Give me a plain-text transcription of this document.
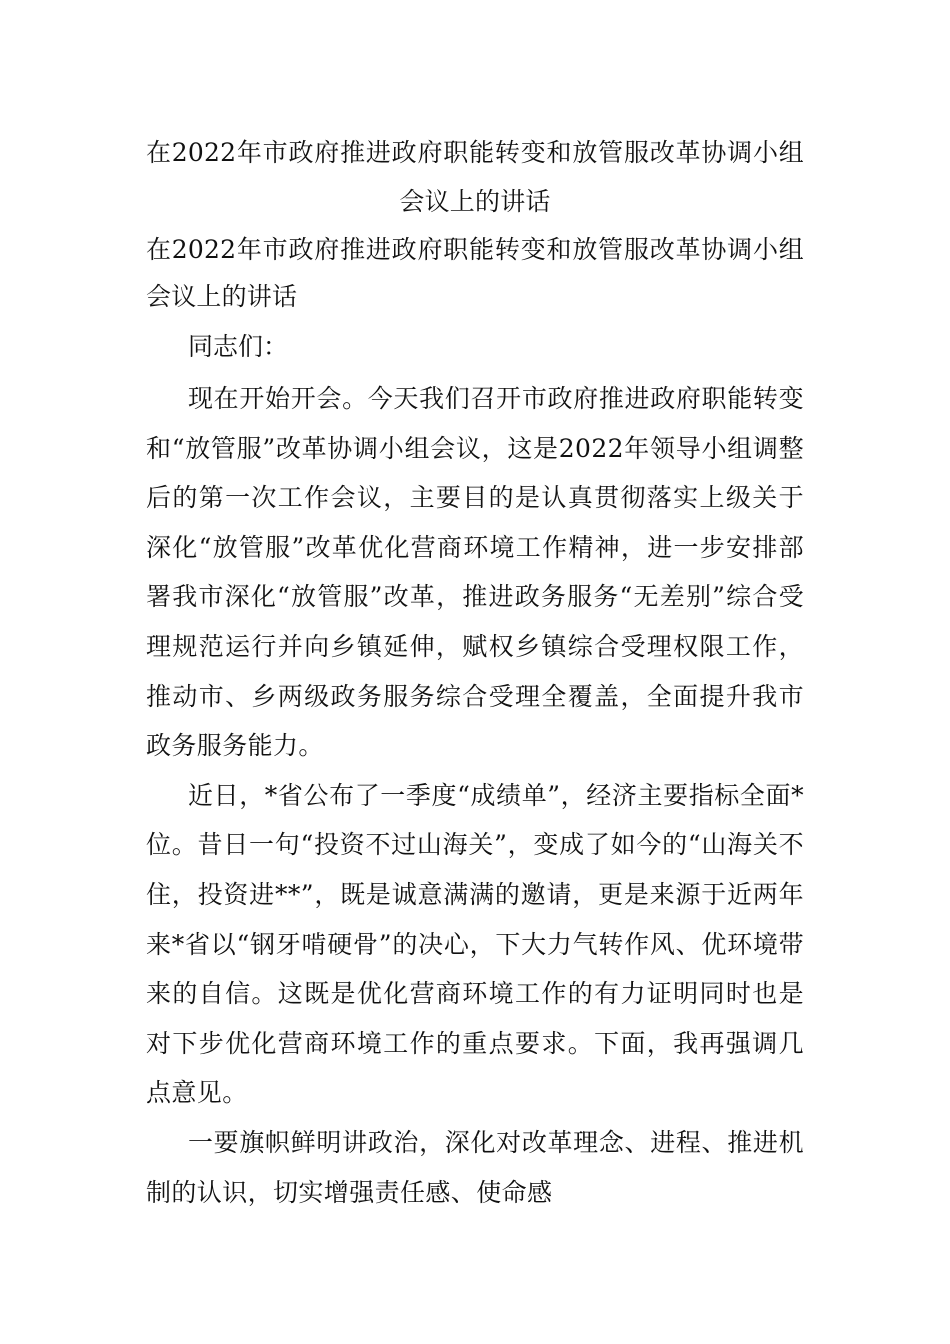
在2022年市政府推进政府职能转变和放管服改革协调小组会议上的讲话

在2022年市政府推进政府职能转变和放管服改革协调小组会议上的讲话

同志们：

现在开始开会。今天我们召开市政府推进政府职能转变和“放管服”改革协调小组会议，这是2022年领导小组调整后的第一次工作会议，主要目的是认真贯彻落实上级关于深化“放管服”改革优化营商环境工作精神，进一步安排部署我市深化“放管服”改革，推进政务服务“无差别”综合受理规范运行并向乡镇延伸，赋权乡镇综合受理权限工作，推动市、乡两级政务服务综合受理全覆盖，全面提升我市政务服务能力。

近日，*省公布了一季度“成绩单”，经济主要指标全面*位。昔日一句“投资不过山海关”，变成了如今的“山海关不住，投资进**”，既是诚意满满的邀请，更是来源于近两年来*省以“钢牙啃硬骨”的决心，下大力气转作风、优环境带来的自信。这既是优化营商环境工作的有力证明同时也是对下步优化营商环境工作的重点要求。下面，我再强调几点意见。

一要旗帜鲜明讲政治，深化对改革理念、进程、推进机制的认识，切实增强责任感、使命感
